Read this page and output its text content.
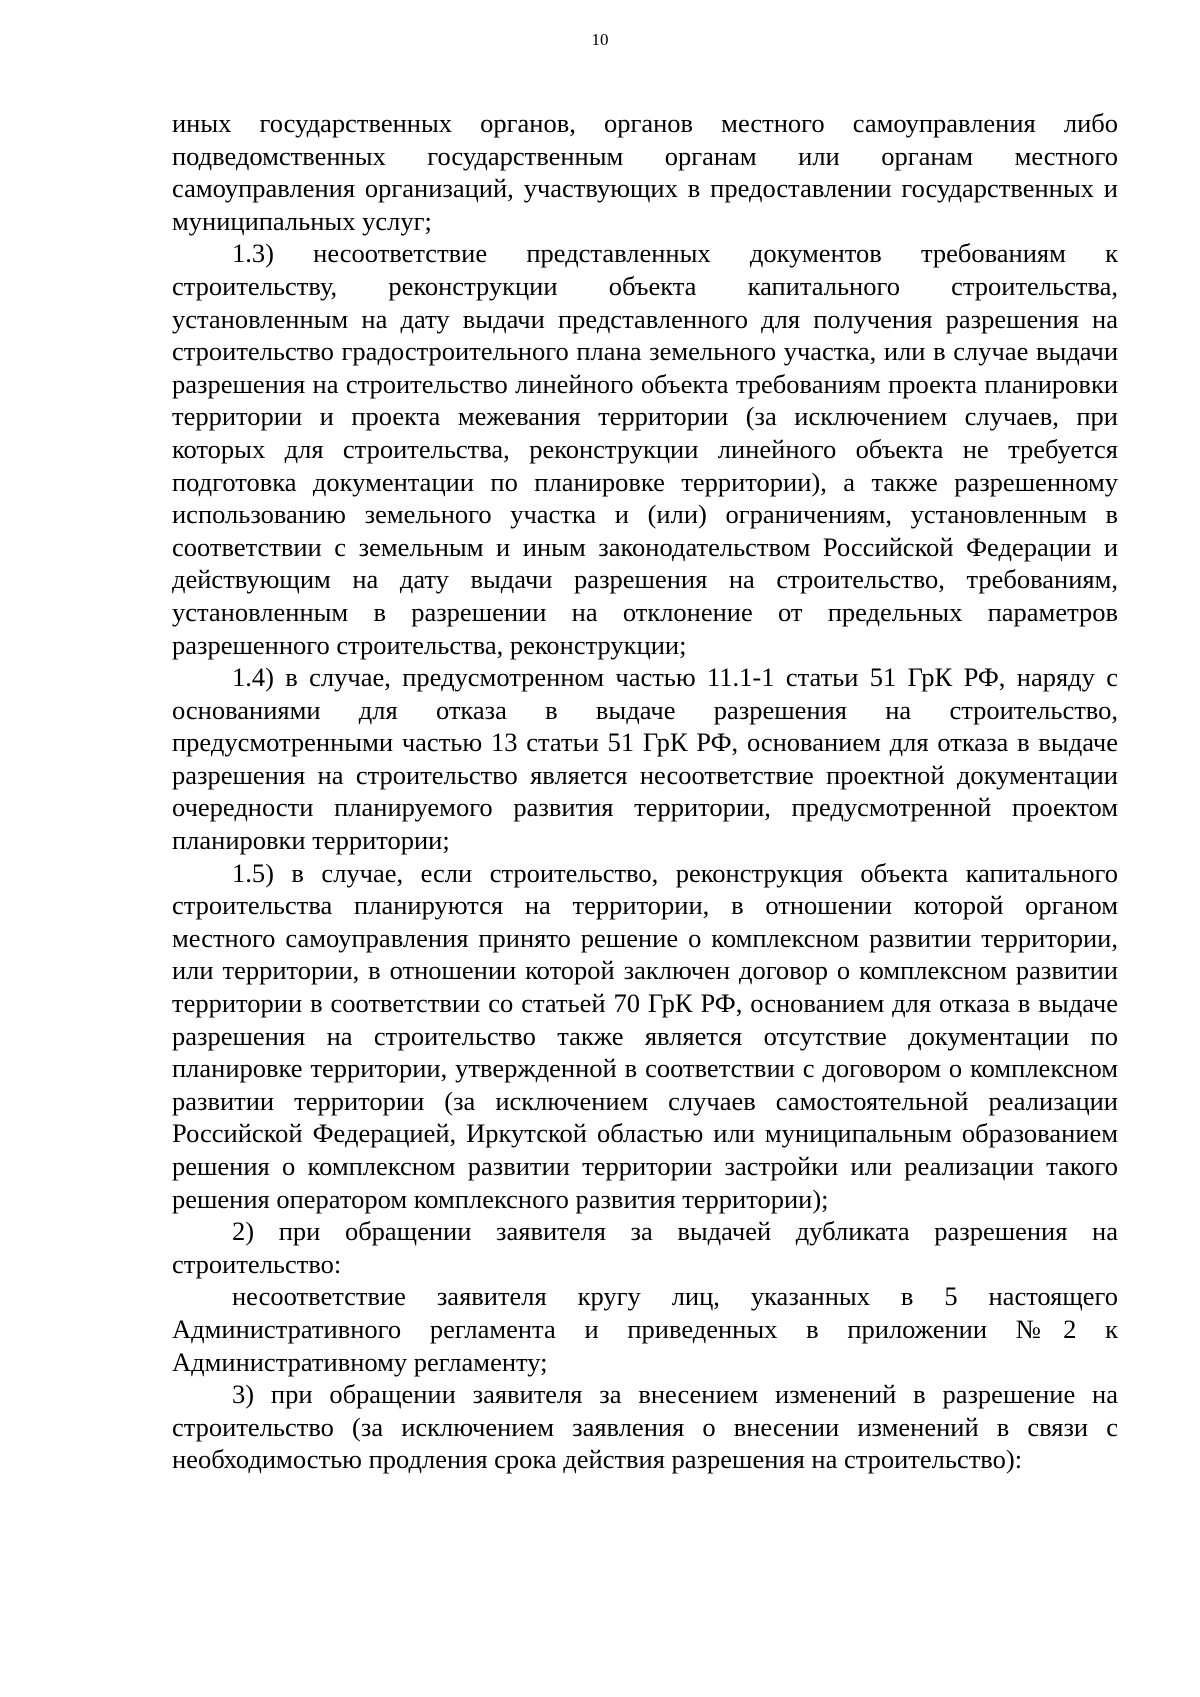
10

иных государственных органов, органов местного самоуправления либо подведомственных государственным органам или органам местного самоуправления организаций, участвующих в предоставлении государственных и муниципальных услуг;

1.3) несоответствие представленных документов требованиям к строительству, реконструкции объекта капитального строительства, установленным на дату выдачи представленного для получения разрешения на строительство градостроительного плана земельного участка, или в случае выдачи разрешения на строительство линейного объекта требованиям проекта планировки территории и проекта межевания территории (за исключением случаев, при которых для строительства, реконструкции линейного объекта не требуется подготовка документации по планировке территории), а также разрешенному использованию земельного участка и (или) ограничениям, установленным в соответствии с земельным и иным законодательством Российской Федерации и действующим на дату выдачи разрешения на строительство, требованиям, установленным в разрешении на отклонение от предельных параметров разрешенного строительства, реконструкции;

1.4) в случае, предусмотренном частью 11.1-1 статьи 51 ГрК РФ, наряду с основаниями для отказа в выдаче разрешения на строительство, предусмотренными частью 13 статьи 51 ГрК РФ, основанием для отказа в выдаче разрешения на строительство является несоответствие проектной документации очередности планируемого развития территории, предусмотренной проектом планировки территории;

1.5) в случае, если строительство, реконструкция объекта капитального строительства планируются на территории, в отношении которой органом местного самоуправления принято решение о комплексном развитии территории, или территории, в отношении которой заключен договор о комплексном развитии территории в соответствии со статьей 70 ГрК РФ, основанием для отказа в выдаче разрешения на строительство также является отсутствие документации по планировке территории, утвержденной в соответствии с договором о комплексном развитии территории (за исключением случаев самостоятельной реализации Российской Федерацией, Иркутской областью или муниципальным образованием решения о комплексном развитии территории застройки или реализации такого решения оператором комплексного развития территории);

2) при обращении заявителя за выдачей дубликата разрешения на строительство:

несоответствие заявителя кругу лиц, указанных в 5 настоящего Административного регламента и приведенных в приложении №2 к Административному регламенту;

3) при обращении заявителя за внесением изменений в разрешение на строительство (за исключением заявления о внесении изменений в связи с необходимостью продления срока действия разрешения на строительство):
